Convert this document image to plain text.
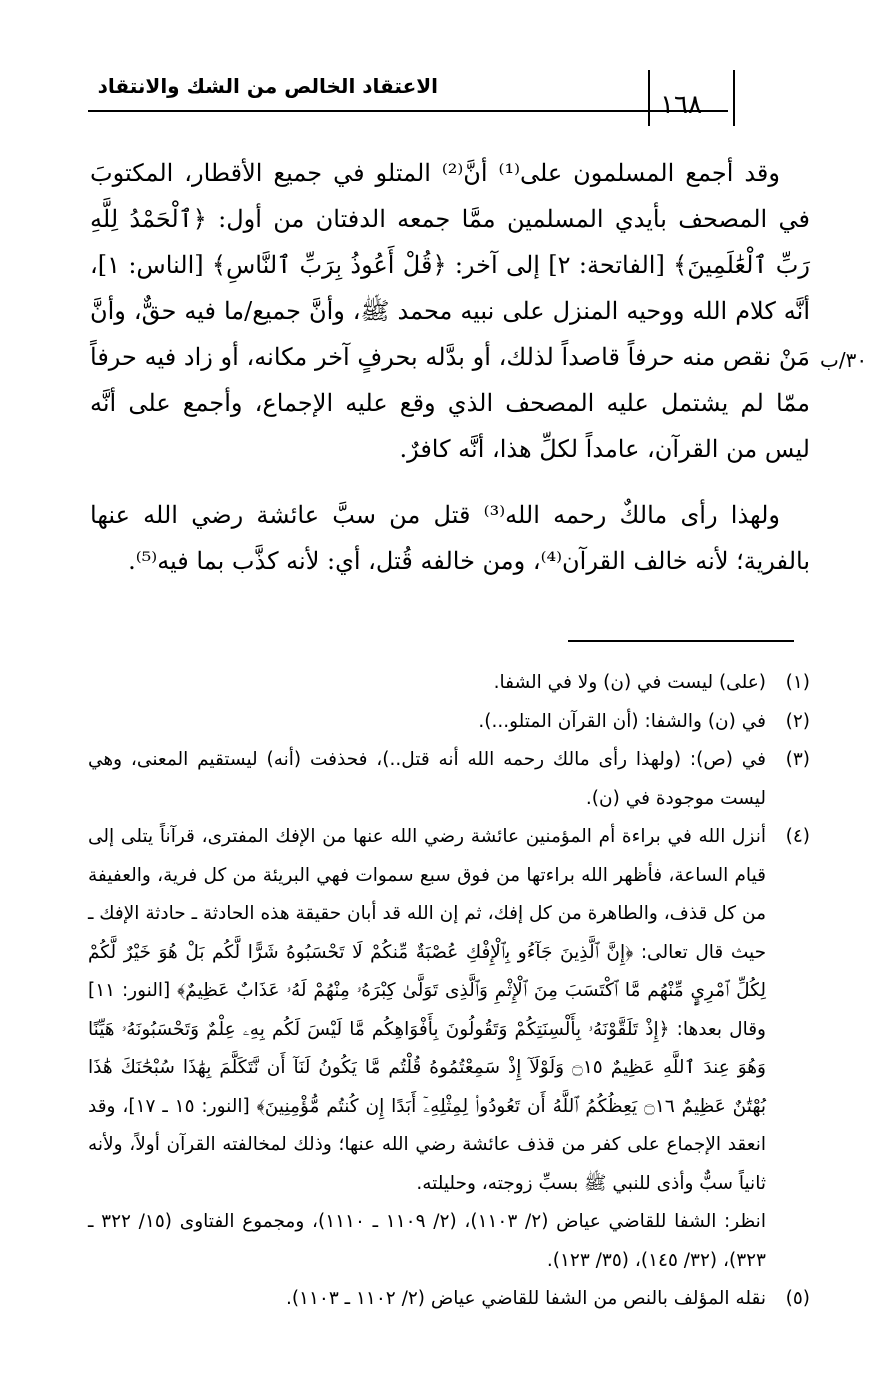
الاعتقاد الخالص من الشك والانتقاد
١٦٨
٣٠/ب

وقد أجمع المسلمون على⁽¹⁾ أنَّ⁽²⁾ المتلو في جميع الأقطار، المكتوبَ في المصحف بأيدي المسلمين ممَّا جمعه الدفتان من أول: ﴿ٱلْحَمْدُ لِلَّهِ رَبِّ ٱلْعَٰلَمِينَ﴾ [الفاتحة: ٢] إلى آخر: ﴿قُلْ أَعُوذُ بِرَبِّ ٱلنَّاسِ﴾ [الناس: ١]، أنَّه كلام الله ووحيه المنزل على نبيه محمد ﷺ، وأنَّ جميع/ما فيه حقٌّ، وأنَّ مَنْ نقص منه حرفاً قاصداً لذلك، أو بدَّله بحرفٍ آخر مكانه، أو زاد فيه حرفاً ممّا لم يشتمل عليه المصحف الذي وقع عليه الإجماع، وأجمع على أنَّه ليس من القرآن، عامداً لكلِّ هذا، أنَّه كافرٌ.

ولهذا رأى مالكٌ رحمه الله⁽³⁾ قتل من سبَّ عائشة رضي الله عنها بالفرية؛ لأنه خالف القرآن⁽⁴⁾، ومن خالفه قُتل، أي: لأنه كذَّب بما فيه⁽⁵⁾.

(١)
(على) ليست في (ن) ولا في الشفا.
(٢)
في (ن) والشفا: (أن القرآن المتلو...).
(٣)
في (ص): (ولهذا رأى مالك رحمه الله أنه قتل..)، فحذفت (أنه) ليستقيم المعنى، وهي ليست موجودة في (ن).
(٤)
أنزل الله في براءة أم المؤمنين عائشة رضي الله عنها من الإفك المفترى، قرآناً يتلى إلى قيام الساعة، فأظهر الله براءتها من فوق سبع سموات فهي البريئة من كل فرية، والعفيفة من كل قذف، والطاهرة من كل إفك، ثم إن الله قد أبان حقيقة هذه الحادثة ـ حادثة الإفك ـ حيث قال تعالى: ﴿إِنَّ ٱلَّذِينَ جَآءُو بِٱلْإِفْكِ عُصْبَةٌ مِّنكُمْ لَا تَحْسَبُوهُ شَرًّا لَّكُم بَلْ هُوَ خَيْرٌ لَّكُمْ لِكُلِّ ٱمْرِيٍٕ مِّنْهُم مَّا ٱكْتَسَبَ مِنَ ٱلْإِثْمِ وَٱلَّذِى تَوَلَّىٰ كِبْرَهُۥ مِنْهُمْ لَهُۥ عَذَابٌ عَظِيمٌ﴾ [النور: ١١] وقال بعدها: ﴿إِذْ تَلَقَّوْنَهُۥ بِأَلْسِنَتِكُمْ وَتَقُولُونَ بِأَفْوَاهِكُم مَّا لَيْسَ لَكُم بِهِۦ عِلْمٌ وَتَحْسَبُونَهُۥ هَيِّنًا وَهُوَ عِندَ ٱللَّهِ عَظِيمٌ ۝١٥ وَلَوْلَآ إِذْ سَمِعْتُمُوهُ قُلْتُم مَّا يَكُونُ لَنَآ أَن نَّتَكَلَّمَ بِهَٰذَا سُبْحَٰنَكَ هَٰذَا بُهْتَٰنٌ عَظِيمٌ ۝١٦ يَعِظُكُمُ ٱللَّهُ أَن تَعُودُوا۟ لِمِثْلِهِۦٓ أَبَدًا إِن كُنتُم مُّؤْمِنِينَ﴾ [النور: ١٥ ـ ١٧]، وقد انعقد الإجماع على كفر من قذف عائشة رضي الله عنها؛ وذلك لمخالفته القرآن أولاً، ولأنه ثانياً سبٌّ وأذى للنبي ﷺ بسبِّ زوجته، وحليلته.
انظر: الشفا للقاضي عياض (٢/ ١١٠٣)، (٢/ ١١٠٩ ـ ١١١٠)، ومجموع الفتاوى (١٥/ ٣٢٢ ـ ٣٢٣)، (٣٢/ ١٤٥)، (٣٥/ ١٢٣).
(٥)
نقله المؤلف بالنص من الشفا للقاضي عياض (٢/ ١١٠٢ ـ ١١٠٣).
